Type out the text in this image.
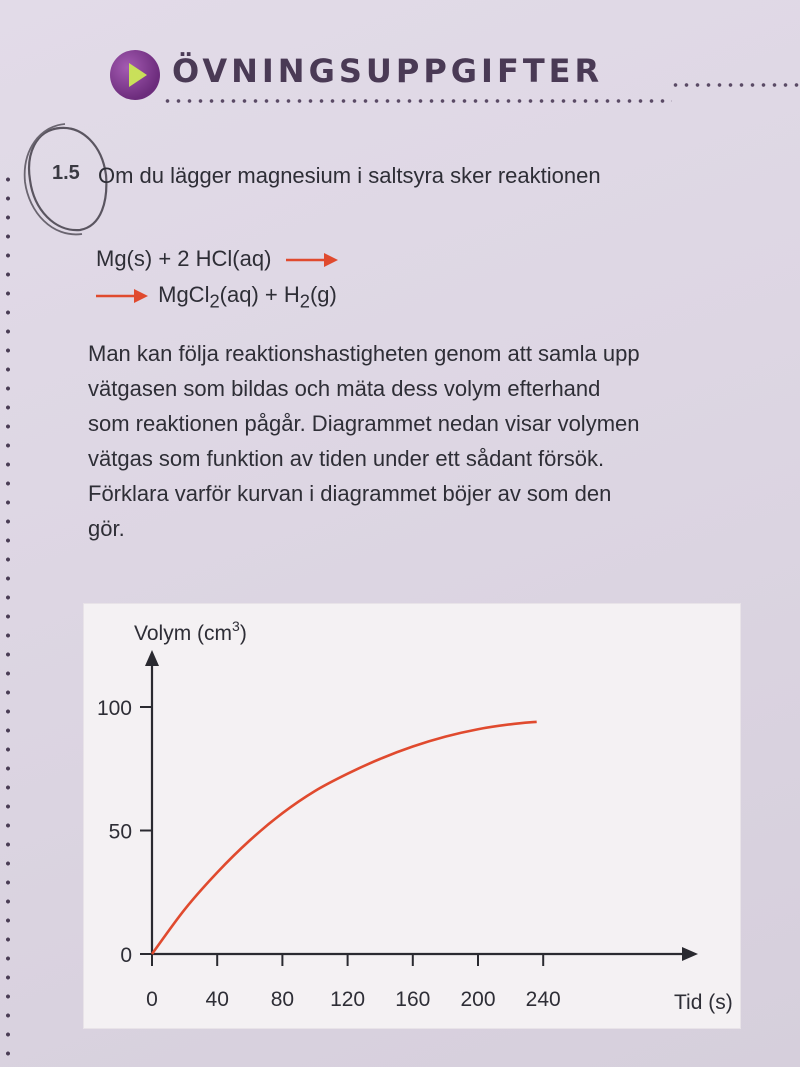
ÖVNINGSUPPGIFTER
1.5 Om du lägger magnesium i saltsyra sker reaktionen
Mg(s) + 2 HCl(aq) →
→ MgCl$_2$(aq) + $H_2(g)$
Man kan följa reaktionshastigheten genom att samla upp vätgasen som bildas och mäta dess volym efterhand som reaktionen pågår. Diagrammet nedan visar volymen vätgas som funktion av tiden under ett sådant försök. Förklara varför kurvan i diagrammet böjer av som den gör.
Volym $(cm^3)$
Tid (s)
0 40 80 120 160 200 240
0
50
100
